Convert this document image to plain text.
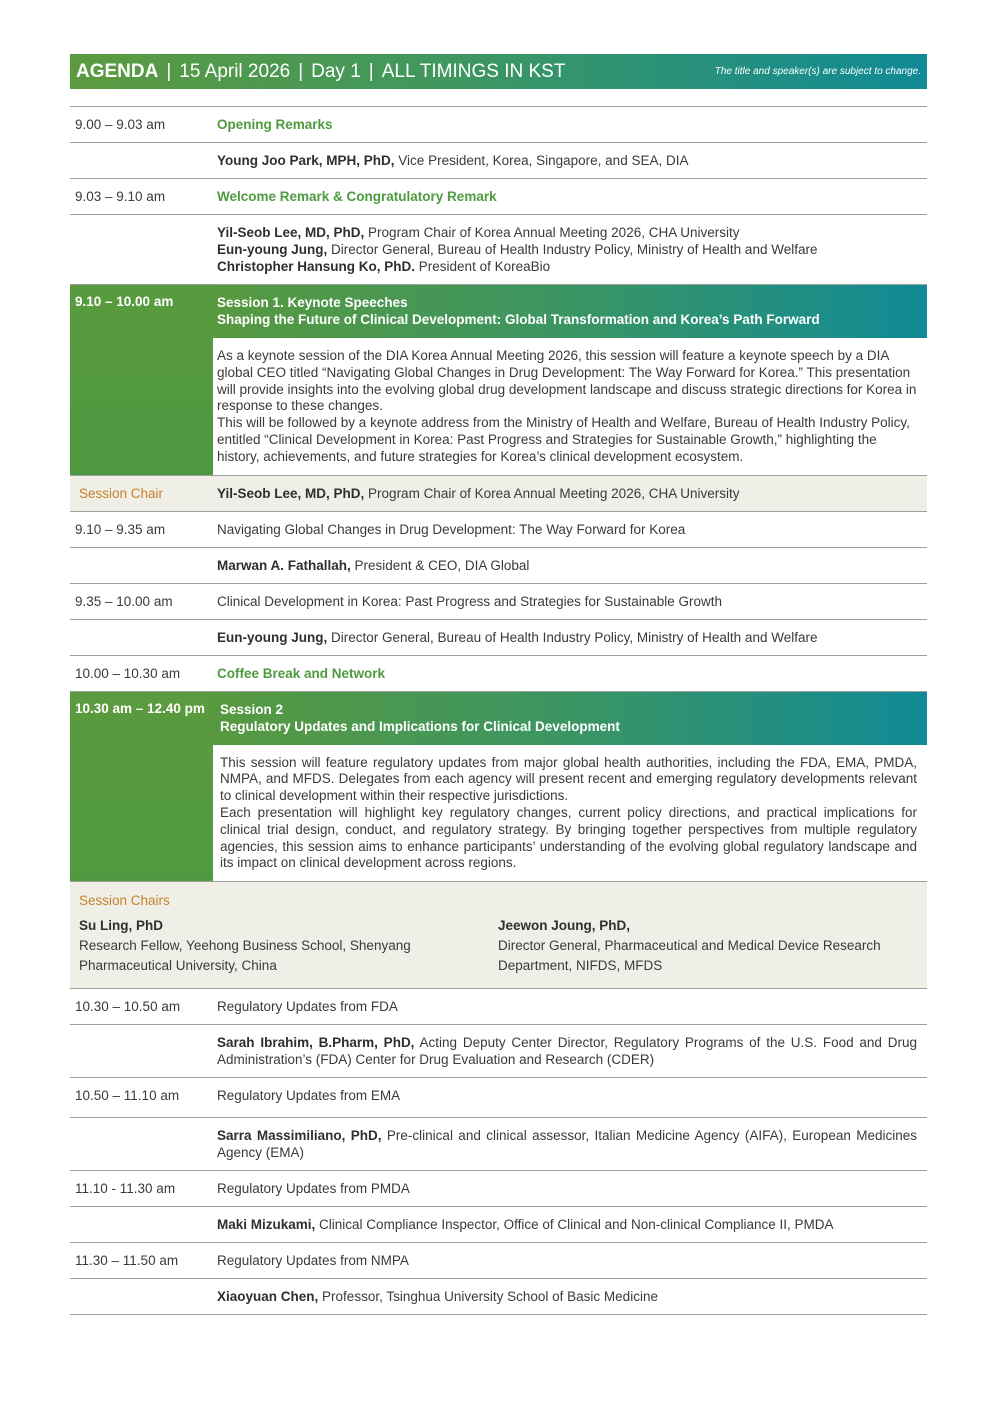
AGENDA | 15 April 2026 | Day 1 | ALL TIMINGS IN KST	The title and speaker(s) are subject to change.
9.00 – 9.03 am	Opening Remarks
Young Joo Park, MPH, PhD, Vice President, Korea, Singapore, and SEA, DIA
9.03 – 9.10 am	Welcome Remark & Congratulatory Remark
Yil-Seob Lee, MD, PhD, Program Chair of Korea Annual Meeting 2026, CHA University
Eun-young Jung, Director General, Bureau of Health Industry Policy, Ministry of Health and Welfare
Christopher Hansung Ko, PhD. President of KoreaBio
9.10 – 10.00 am	Session 1. Keynote Speeches
Shaping the Future of Clinical Development: Global Transformation and Korea’s Path Forward

As a keynote session of the DIA Korea Annual Meeting 2026, this session will feature a keynote speech by a DIA global CEO titled “Navigating Global Changes in Drug Development: The Way Forward for Korea.” This presentation will provide insights into the evolving global drug development landscape and discuss strategic directions for Korea in response to these changes.

This will be followed by a keynote address from the Ministry of Health and Welfare, Bureau of Health Industry Policy, entitled “Clinical Development in Korea: Past Progress and Strategies for Sustainable Growth,” highlighting the history, achievements, and future strategies for Korea’s clinical development ecosystem.

Session Chair	Yil-Seob Lee, MD, PhD, Program Chair of Korea Annual Meeting 2026, CHA University
9.10 – 9.35 am	Navigating Global Changes in Drug Development: The Way Forward for Korea
Marwan A. Fathallah, President & CEO, DIA Global
9.35 – 10.00 am	Clinical Development in Korea: Past Progress and Strategies for Sustainable Growth
Eun-young Jung, Director General, Bureau of Health Industry Policy, Ministry of Health and Welfare
10.00 – 10.30 am	Coffee Break and Network
10.30 am – 12.40 pm	Session 2
Regulatory Updates and Implications for Clinical Development

This session will feature regulatory updates from major global health authorities, including the FDA, EMA, PMDA, NMPA, and MFDS. Delegates from each agency will present recent and emerging regulatory developments relevant to clinical development within their respective jurisdictions.

Each presentation will highlight key regulatory changes, current policy directions, and practical implications for clinical trial design, conduct, and regulatory strategy. By bringing together perspectives from multiple regulatory agencies, this session aims to enhance participants’ understanding of the evolving global regulatory landscape and its impact on clinical development across regions.

Session Chairs
Su Ling, PhD
Research Fellow, Yeehong Business School, Shenyang Pharmaceutical University, China
Jeewon Joung, PhD,
Director General, Pharmaceutical and Medical Device Research Department, NIFDS, MFDS
10.30 – 10.50 am	Regulatory Updates from FDA
Sarah Ibrahim, B.Pharm, PhD, Acting Deputy Center Director, Regulatory Programs of the U.S. Food and Drug Administration’s (FDA) Center for Drug Evaluation and Research (CDER)
10.50 – 11.10 am	Regulatory Updates from EMA
Sarra Massimiliano, PhD, Pre-clinical and clinical assessor, Italian Medicine Agency (AIFA), European Medicines Agency (EMA)
11.10 - 11.30 am	Regulatory Updates from PMDA
Maki Mizukami, Clinical Compliance Inspector, Office of Clinical and Non-clinical Compliance II, PMDA
11.30 – 11.50 am	Regulatory Updates from NMPA
Xiaoyuan Chen, Professor, Tsinghua University School of Basic Medicine
